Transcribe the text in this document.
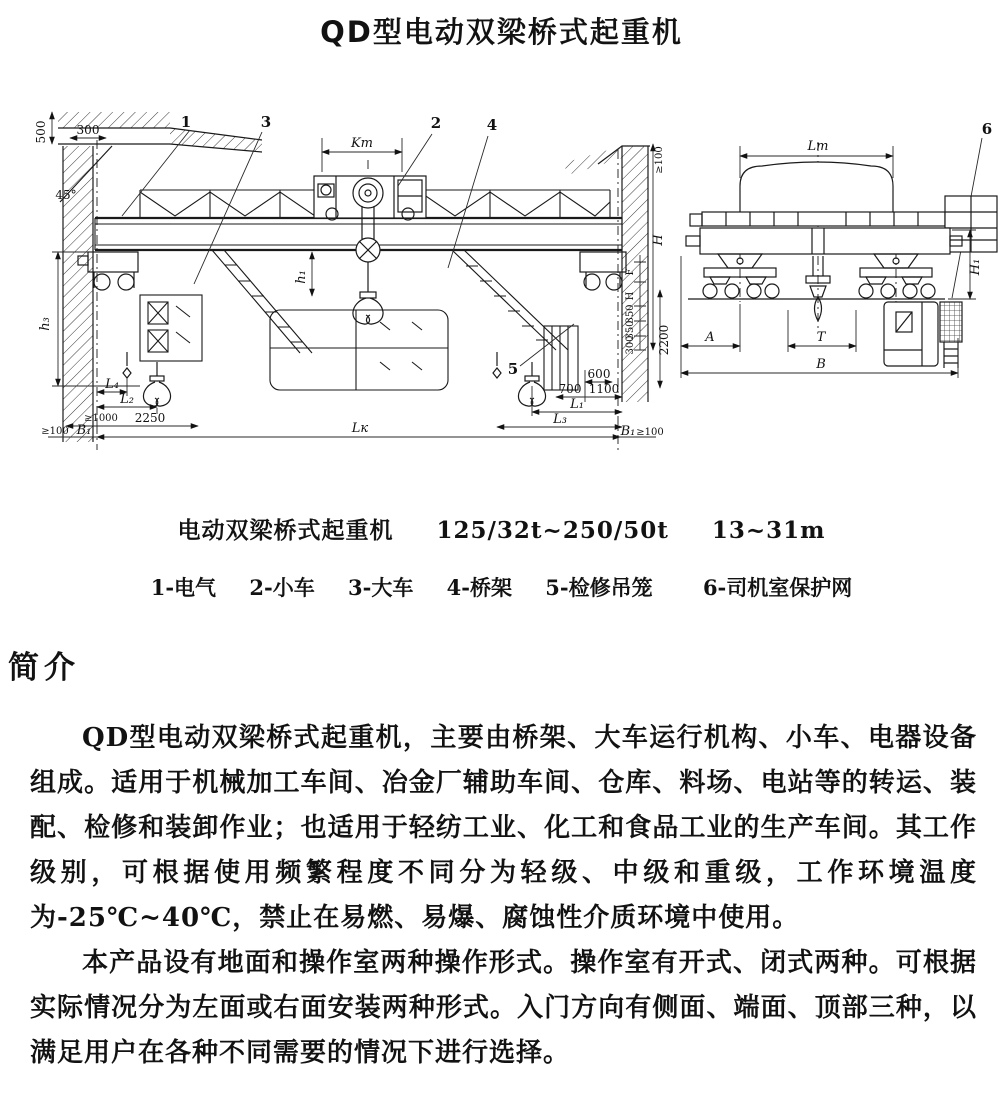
QD型电动双梁桥式起重机
500 300
45°
1	3	2	4
5
6
Kт
h₁
h₃
L₄
L₂
≥1000 2250
≥100 B₁	Lк	B₁ ≥100
600
700 1100
L₁
L₃
F
H
350
350
300 2200
H
≥100	Lт
A	T
B
H₁
电动双梁桥式起重机 125/32t~250/50t 13~31m
1-电气 2-小车 3-大车 4-桥架 5-检修吊笼 6-司机室保护网
简介

QD型电动双梁桥式起重机，主要由桥架、大车运行机构、小车、电器设备组成。适用于机械加工车间、冶金厂辅助车间、仓库、料场、电站等的转运、装配、检修和装卸作业；也适用于轻纺工业、化工和食品工业的生产车间。其工作级别，可根据使用频繁程度不同分为轻级、中级和重级，工作环境温度为-25℃~40℃，禁止在易燃、易爆、腐蚀性介质环境中使用。

本产品设有地面和操作室两种操作形式。操作室有开式、闭式两种。可根据实际情况分为左面或右面安装两种形式。入门方向有侧面、端面、顶部三种，以满足用户在各种不同需要的情况下进行选择。
